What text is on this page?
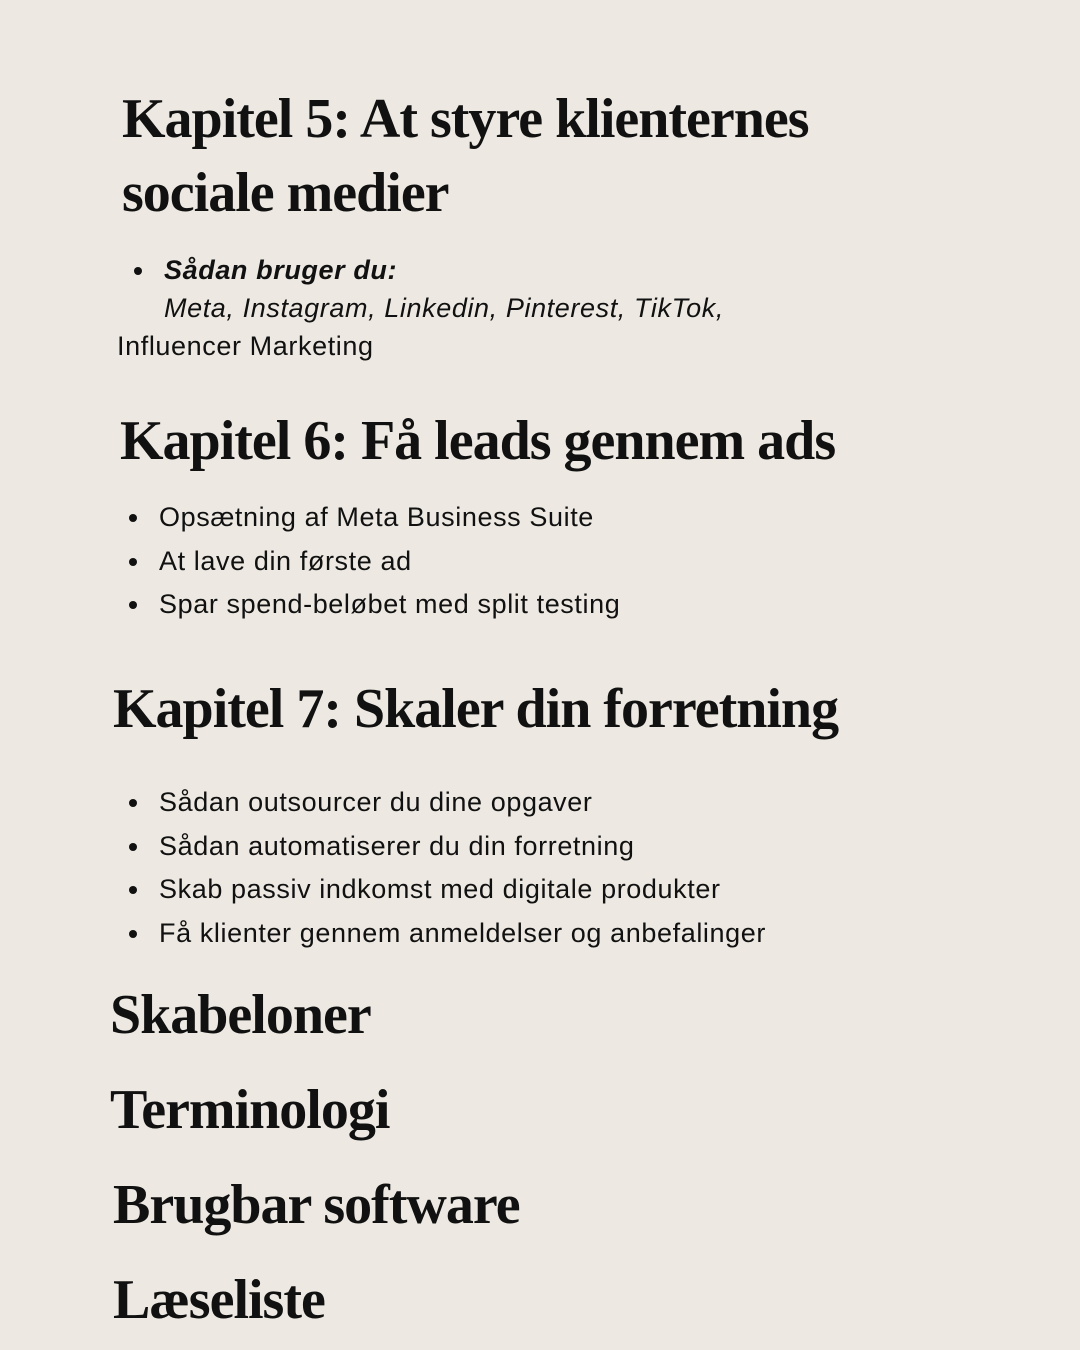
Kapitel 5: At styre klienternes
sociale medier
Sådan bruger du:
Meta, Instagram, Linkedin, Pinterest, TikTok,
Influencer Marketing
Kapitel 6: Få leads gennem ads
Opsætning af Meta Business Suite
At lave din første ad
Spar spend-beløbet med split testing
Kapitel 7: Skaler din forretning
Sådan outsourcer du dine opgaver
Sådan automatiserer du din forretning
Skab passiv indkomst med digitale produkter
Få klienter gennem anmeldelser og anbefalinger
Skabeloner
Terminologi
Brugbar software
Læseliste
